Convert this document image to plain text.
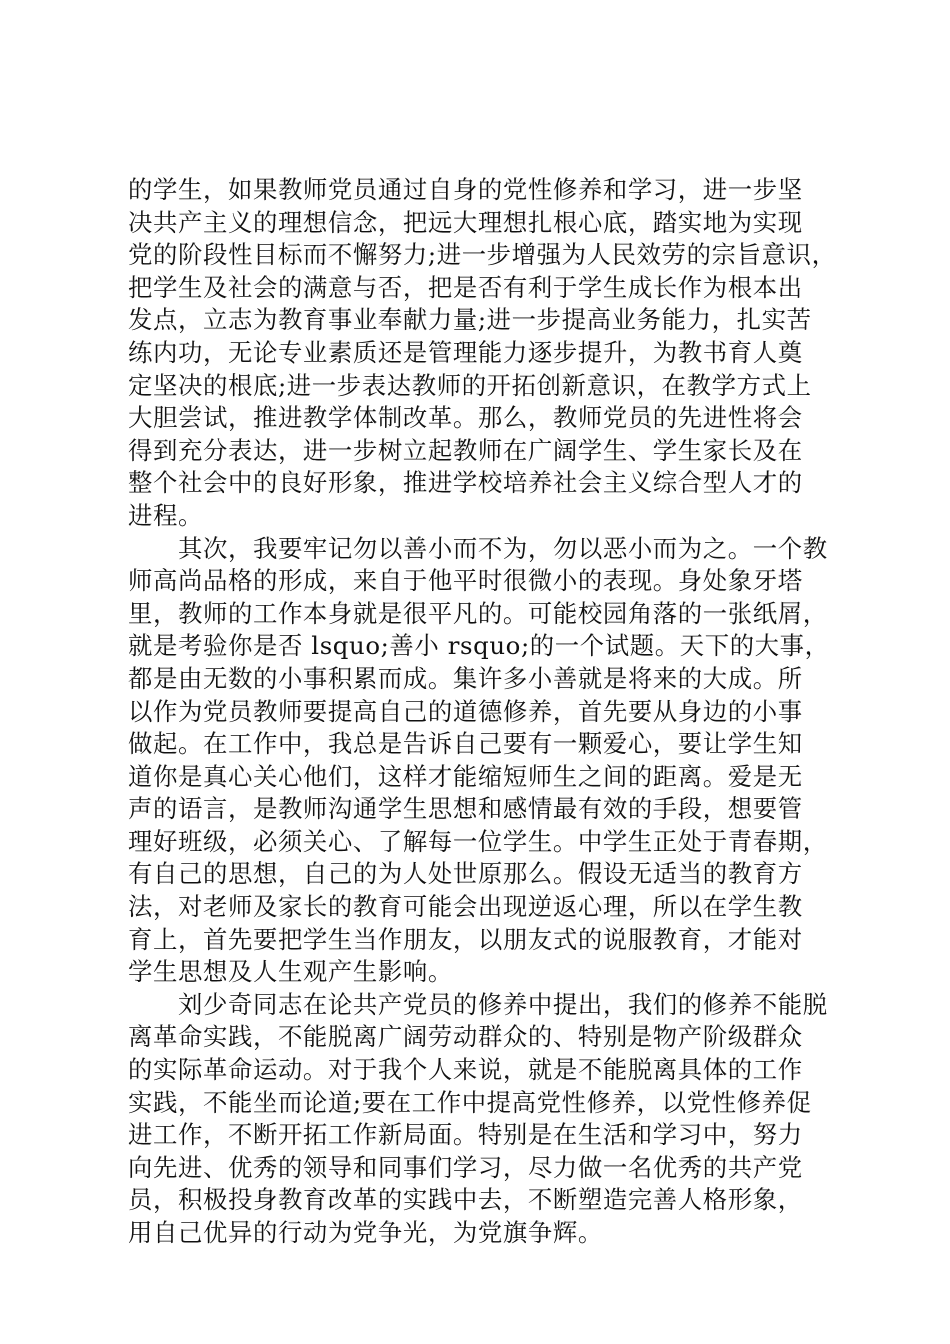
的学生，如果教师党员通过自身的党性修养和学习，进一步坚
决共产主义的理想信念，把远大理想扎根心底，踏实地为实现
党的阶段性目标而不懈努力;进一步增强为人民效劳的宗旨意识，
把学生及社会的满意与否，把是否有利于学生成长作为根本出
发点，立志为教育事业奉献力量;进一步提高业务能力，扎实苦
练内功，无论专业素质还是管理能力逐步提升，为教书育人奠
定坚决的根底;进一步表达教师的开拓创新意识，在教学方式上
大胆尝试，推进教学体制改革。那么，教师党员的先进性将会
得到充分表达，进一步树立起教师在广阔学生、学生家长及在
整个社会中的良好形象，推进学校培养社会主义综合型人才的
进程。
　　其次，我要牢记勿以善小而不为，勿以恶小而为之。一个教
师高尚品格的形成，来自于他平时很微小的表现。身处象牙塔
里，教师的工作本身就是很平凡的。可能校园角落的一张纸屑，
就是考验你是否 lsquo;善小 rsquo;的一个试题。天下的大事，
都是由无数的小事积累而成。集许多小善就是将来的大成。所
以作为党员教师要提高自己的道德修养，首先要从身边的小事
做起。在工作中，我总是告诉自己要有一颗爱心，要让学生知
道你是真心关心他们，这样才能缩短师生之间的距离。爱是无
声的语言，是教师沟通学生思想和感情最有效的手段，想要管
理好班级，必须关心、了解每一位学生。中学生正处于青春期，
有自己的思想，自己的为人处世原那么。假设无适当的教育方
法，对老师及家长的教育可能会出现逆返心理，所以在学生教
育上，首先要把学生当作朋友，以朋友式的说服教育，才能对
学生思想及人生观产生影响。
　　刘少奇同志在论共产党员的修养中提出，我们的修养不能脱
离革命实践，不能脱离广阔劳动群众的、特别是物产阶级群众
的实际革命运动。对于我个人来说，就是不能脱离具体的工作
实践，不能坐而论道;要在工作中提高党性修养，以党性修养促
进工作，不断开拓工作新局面。特别是在生活和学习中，努力
向先进、优秀的领导和同事们学习，尽力做一名优秀的共产党
员，积极投身教育改革的实践中去，不断塑造完善人格形象，
用自己优异的行动为党争光，为党旗争辉。
